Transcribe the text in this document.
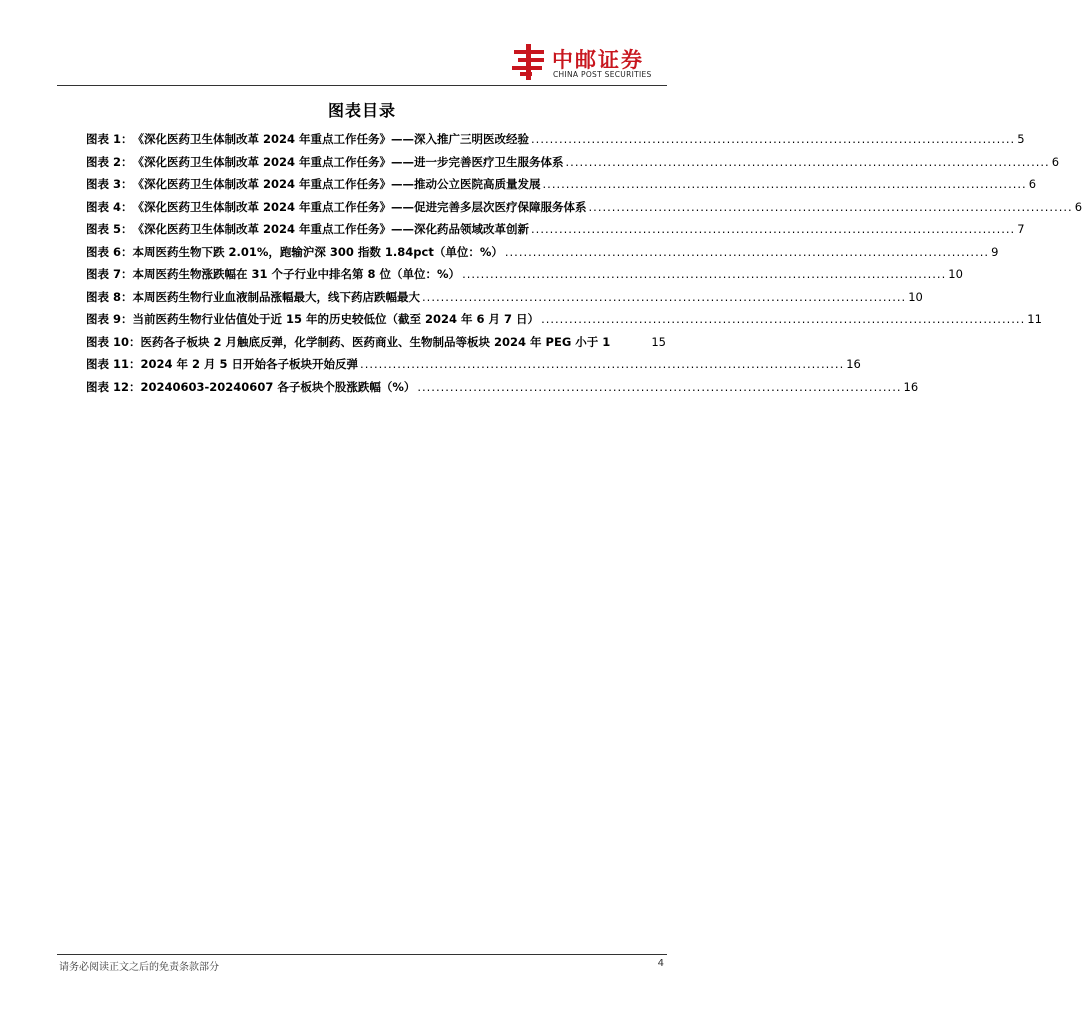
中邮证券
CHINA POST SECURITIES
图表目录
图表 1： 《深化医药卫生体制改革 2024 年重点工作任务》——深入推广三明医改经验 ........................................................................................................ 5
图表 2： 《深化医药卫生体制改革 2024 年重点工作任务》——进一步完善医疗卫生服务体系 ........................................................................................................ 6
图表 3： 《深化医药卫生体制改革 2024 年重点工作任务》——推动公立医院高质量发展 ........................................................................................................ 6
图表 4： 《深化医药卫生体制改革 2024 年重点工作任务》——促进完善多层次医疗保障服务体系 ........................................................................................................ 6
图表 5： 《深化医药卫生体制改革 2024 年重点工作任务》——深化药品领域改革创新 ........................................................................................................ 7
图表 6： 本周医药生物下跌 2.01%，跑输沪深 300 指数 1.84pct（单位：%） ........................................................................................................ 9
图表 7： 本周医药生物涨跌幅在 31 个子行业中排名第 8 位（单位：%） ........................................................................................................ 10
图表 8： 本周医药生物行业血液制品涨幅最大，线下药店跌幅最大 ........................................................................................................ 10
图表 9： 当前医药生物行业估值处于近 15 年的历史较低位（截至 2024 年 6 月 7 日） ........................................................................................................ 11
图表 10： 医药各子板块 2 月触底反弹，化学制药、医药商业、生物制品等板块 2024 年 PEG 小于 1	15
图表 11： 2024 年 2 月 5 日开始各子板块开始反弹 ........................................................................................................ 16
图表 12： 20240603-20240607 各子板块个股涨跌幅（%） ........................................................................................................ 16
请务必阅读正文之后的免责条款部分	4
